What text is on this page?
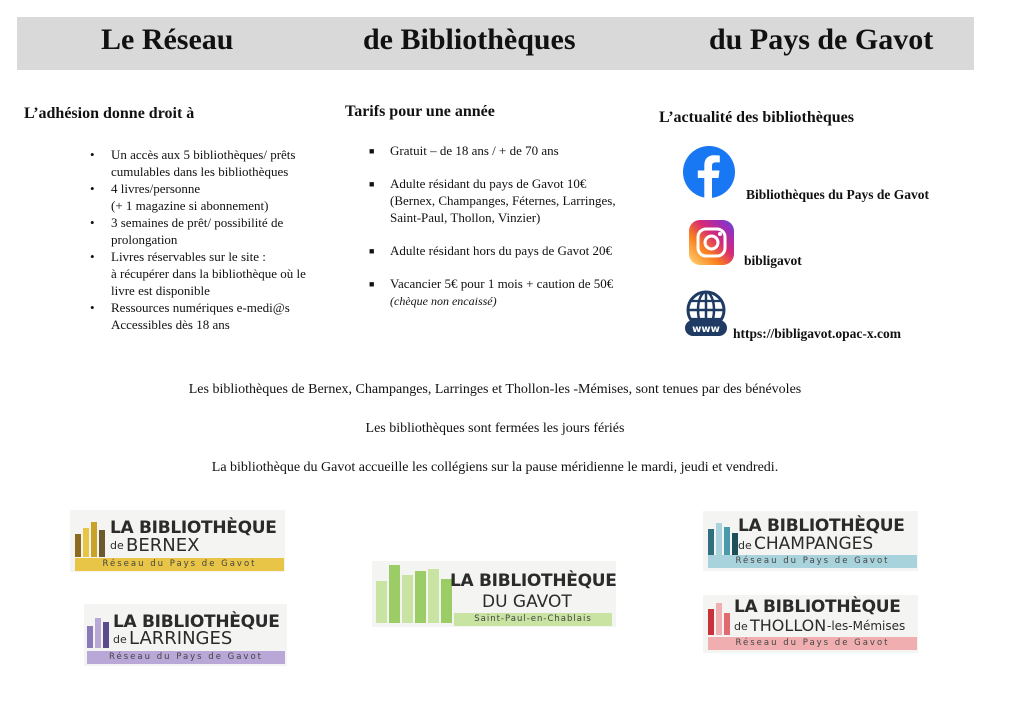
Le Réseau	de Bibliothèques	du Pays de Gavot
L’adhésion donne droit à
• Un accès aux 5 bibliothèques/ prêts
cumulables dans les bibliothèques
• 4 livres/personne
(+ 1 magazine si abonnement)
• 3 semaines de prêt/ possibilité de
prolongation
• Livres réservables sur le site :
à récupérer dans la bibliothèque où le
livre est disponible
• Ressources numériques e-medi@s
Accessibles dès 18 ans
Tarifs pour une année
■ Gratuit – de 18 ans / + de 70 ans
■ Adulte résidant du pays de Gavot 10€
(Bernex, Champanges, Féternes, Larringes,
Saint-Paul, Thollon, Vinzier)
■ Adulte résidant hors du pays de Gavot 20€
■ Vacancier 5€ pour 1 mois + caution de 50€
(chèque non encaissé)
L’actualité des bibliothèques
Bibliothèques du Pays de Gavot
bibligavot
www https://bibligavot.opac-x.com
Les bibliothèques de Bernex, Champanges, Larringes et Thollon-les -Mémises, sont tenues par des bénévoles
Les bibliothèques sont fermées les jours fériés
La bibliothèque du Gavot accueille les collégiens sur la pause méridienne le mardi, jeudi et vendredi.
LA BIBLIOTHÈQUE
de BERNEX
Réseau du Pays de Gavot
LA BIBLIOTHÈQUE
de LARRINGES
Réseau du Pays de Gavot
LA BIBLIOTHÈQUE
DU GAVOT
Saint-Paul-en-Chablais
LA BIBLIOTHÈQUE
de CHAMPANGES
Réseau du Pays de Gavot
LA BIBLIOTHÈQUE
de THOLLON -les-Mémises
Réseau du Pays de Gavot
